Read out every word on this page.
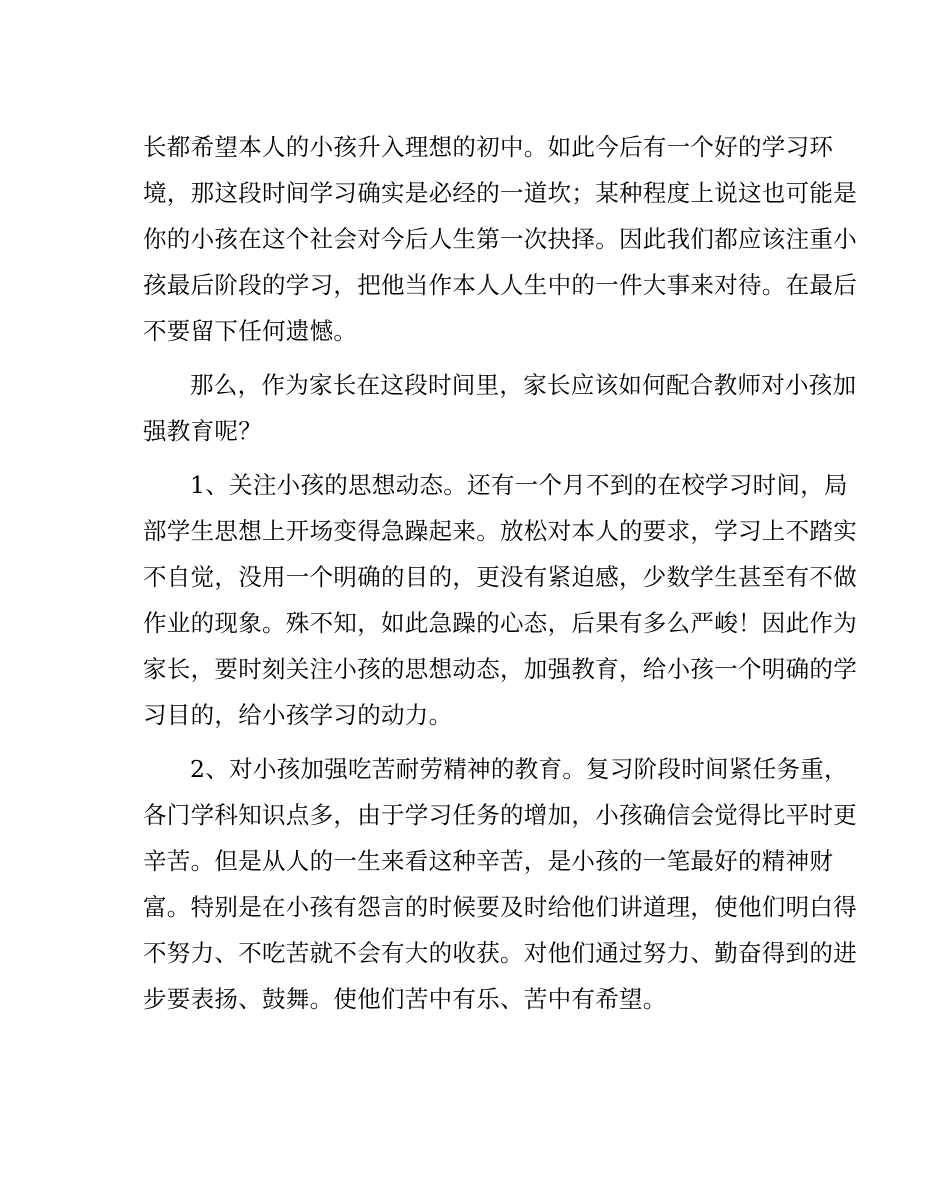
长都希望本人的小孩升入理想的初中。如此今后有一个好的学习环
境，那这段时间学习确实是必经的一道坎；某种程度上说这也可能是
你的小孩在这个社会对今后人生第一次抉择。因此我们都应该注重小
孩最后阶段的学习，把他当作本人人生中的一件大事来对待。在最后
不要留下任何遗憾。
那么，作为家长在这段时间里，家长应该如何配合教师对小孩加
强教育呢？
1、关注小孩的思想动态。还有一个月不到的在校学习时间，局
部学生思想上开场变得急躁起来。放松对本人的要求，学习上不踏实
不自觉，没用一个明确的目的，更没有紧迫感，少数学生甚至有不做
作业的现象。殊不知，如此急躁的心态，后果有多么严峻！因此作为
家长，要时刻关注小孩的思想动态，加强教育，给小孩一个明确的学
习目的，给小孩学习的动力。
2、对小孩加强吃苦耐劳精神的教育。复习阶段时间紧任务重，
各门学科知识点多，由于学习任务的增加，小孩确信会觉得比平时更
辛苦。但是从人的一生来看这种辛苦，是小孩的一笔最好的精神财
富。特别是在小孩有怨言的时候要及时给他们讲道理，使他们明白得
不努力、不吃苦就不会有大的收获。对他们通过努力、勤奋得到的进
步要表扬、鼓舞。使他们苦中有乐、苦中有希望。
